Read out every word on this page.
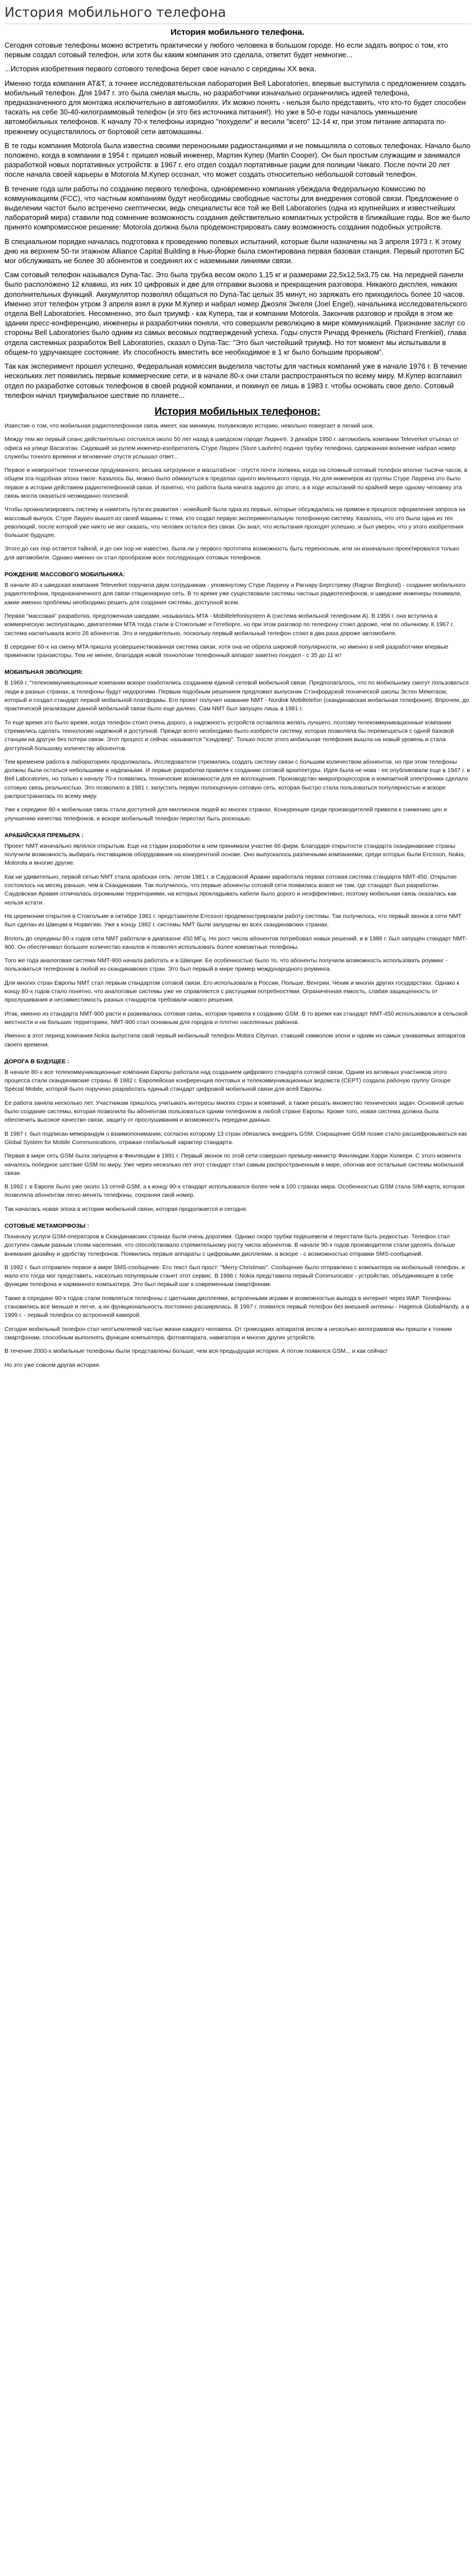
История мобильного телефона
История мобильного телефона.

Сегодня сотовые телефоны можно встретить практически у любого человека в большом городе. Но если задать вопрос о том, кто первым создал сотовый телефон, или хотя бы каким компания это сделала, ответит будет немногие...

...История изобретения первого сотового телефона берет свое начало с середины XX века.

Именно тогда компания AT&T, а точнее исследовательская лаборатория Bell Laboratories, впервые выступила с предложением создать мобильный телефон. Для 1947 г. это была смелая мысль, но разработчики изначально ограничились идеей телефона, предназначенного для монтажа исключительно в автомобилях. Их можно понять - нельзя было представить, что кто-то будет способен таскать на себе 30-40-килограммовый телефон (и это без источника питания!). Но уже в 50-е годы началось уменьшение автомобильных телефонов. К началу 70-х телефоны изрядно "похудели" и весили "всего" 12-14 кг, при этом питание аппарата по-прежнему осуществлялось от бортовой сети автомашины.

В те годы компания Motorola была известна своими переносными радиостанциями и не помышляла о сотовых телефонах. Начало было положено, когда в компании в 1954 г. пришел новый инженер, Мартин Купер (Martin Cooper). Он был простым служащим и занимался разработкой новых портативных устройств: в 1967 г. его отдел создал портативные рации для полиции Чикаго. После почти 20 лет после начала своей карьеры в Motorola М.Купер осознал, что может создать относительно небольшой сотовый телефон.

В течение года шли работы по созданию первого телефона, одновременно компания убеждала Федеральную Комиссию по коммуникациям (FCC), что частным компаниям будут необходимы свободные частоты для внедрения сотовой связи. Предложение о выделении частот было встречено скептически, ведь специалисты все той же Bell Laboratories (одна из крупнейших и известнейших лабораторий мира) ставили под сомнение возможность создания действительно компактных устройств в ближайшие годы. Все же было принято компромиссное решение: Motorola должна была продемонстрировать саму возможность создания подобных устройств.

В специальном порядке началась подготовка к проведению полевых испытаний, которые были назначены на 3 апреля 1973 г. К этому дню на верхнем 50-ти этажном Alliance Capital Building в Нью-Йорке была смонтирована первая базовая станция. Первый прототип БС мог обслуживать не более 30 абонентов и соединял их с наземными линиями связи.

Сам сотовый телефон назывался Dyna-Tac. Это была трубка весом около 1,15 кг и размерами 22,5х12,5х3,75 см. На передней панели было расположено 12 клавиш, из них 10 цифровых и две для отправки вызова и прекращения разговора. Никакого дисплея, никаких дополнительных функций. Аккумулятор позволял общаться по Dyna-Tac целых 35 минут, но заряжать его приходилось более 10 часов. Именно этот телефон утром 3 апреля взял в руки М.Купер и набрал номер Джоэля Энгеля (Joel Engel), начальника исследовательского отдела Bell Laboratories. Несомненно, это был триумф - как Купера, так и компании Motorola. Закончив разговор и пройдя в этом же здании пресс-конференцию, инженеры и разработчики поняли, что совершили революцию в мире коммуникаций. Признание заслуг со стороны Bell Laboratories было одним из самых весомых подтверждений успеха. Годы спустя Ричард Френкель (Richard Frenkiel), глава отдела системных разработок Bell Laboratories, сказал о Dyna-Tac: "Это был чистейший триумф. Но тот момент мы испытывали в общем-то удручающее состояние. Их способность вместить все необходимое в 1 кг было большим прорывом".

Так как эксперимент прошел успешно, Федеральная комиссия выделила частоты для частных компаний уже в начале 1976 г. В течение нескольких лет появились первые коммерческие сети, и в начале 80-х они стали распространяться по всему миру. М.Купер возглавил отдел по разработке сотовых телефонов в своей родной компании, и покинул ее лишь в 1983 г. чтобы основать свое дело. Сотовый телефон начал триумфальное шествие по планете...

История мобильных телефонов:

Известие о том, что мобильная радиотелефонная связь имеет, как минимум, полувековую историю, невольно повергает в легкий шок.

Между тем же первый сеанс действительно состоялся около 50 лет назад в шведском городе Лидингё. 3 декабря 1950 г. автомобиль компании Televerket отъехал от офиса на улице Васагатан. Сидевший за рулем инженер-изобретатель Стуре Лаурен (Sture Lauhrén) поднял трубку телефона, сдержанная волнение набрал номер служебы точного времени и мгновение спустя услышал ответ...

Первое и невероятное технически продуманного, весьма хитроумное и масштабное - спустя почти полвека, когда на сложный сотовый телефон вполне тысячи часов, в общем эта подобная эпоха такое. Казалось бы, можно было обмануться в пределах одного маленького города. Но для инженеров из группы Стуре Лаурена это было первое в истории действием радиотелефонной связи. И понятно, что работа была начата задолго до этого, а в ходе испытаний по крайней мере одному человеку эта связь могла оказаться неожиданно полезной.

Чтобы проанализировать систему и наметить пути их развития - новейшей была одна из первых, которые обсуждались на прямом в процессе оформления запроса на массовый выпуск. Стуре Лаурен вышел из своей машины с теми, кто создал первую экспериментальную телефонную систему. Казалось, что это была одна из тех революций, после которой уже никто не мог сказать, что человек остался без связи. Он знал, что испытания проходят успешно, и был уверен, что у этого изобретения большое будущее.

Этого до сих пор остается тайной, и до сих пор не известно, была ли у первого прототипа возможность быть переносным, или он изначально проектировался только для автомобиля. Однако именно он стал прообразом всех последующих сотовых телефонов.

РОЖДЕНИЕ МАССОВОГО МОБИЛЬНИКА:

В начале 40-х шведская компания Televerket поручила двум сотрудникам - упомянутому Стуре Лаурену и Рагнару Бергстрему (Ragnar Berglund) - создание мобильного радиотелефона, предназначенного для связи стационарную сеть. В то время уже существовали системы частных радиотелефонов, и шведские инженеры понимали, какие именно проблемы необходимо решить для создания системы, доступной всем.

Первая "массовая" разработка, предложенная шведами, называлась MTA - Mobiltelefonisystem А (система мобильной телефонии А). В 1956 г. она вступила в коммерческую эксплуатацию, двигателями MTA тогда стали в Стокгольме и Гетеборге, но при этом разговор по телефону стоил дороже, чем по обычному. К 1967 г. система насчитывала всего 26 абонентов. Это и неудивительно, поскольку первый мобильный телефон стоил в два раза дороже автомобиля.

В середине 60-х на смену MTA пришла усовершенствованная система связи, хотя она не обрела широкой популярности, но именно в ней разработчики впервые применили транзисторы. Тем не менее, благодаря новой технологии телефонный аппарат заметно похудел - с 35 до 11 кг!

МОБИЛЬНАЯ ЭВОЛЮЦИЯ:

В 1969 г. "телекоммуникационные компании вскоре озаботились созданием единой сетевой мобильной связи. Предполагалось, что по мобильному смогут пользоваться люди в разных странах, а телефоны будут недорогими. Первым подобным решением предложил выпускник Стэнфордской технической школы Эстен Мекитаом, который и создал стандарт первой мобильной платформы. Его проект получил название NMT - Nordisk Mobiltelefon (скандинавская мобильная телефония). Впрочем, до практической реализации данной мобильной связи было еще далеко. Сам NMT был запущен лишь в 1981 г.

То еще время это было время, когда телефон стоил очень дорого, а надежность устройств оставляла желать лучшего, поэтому телекоммуникационные компании стремились сделать технологию надежной и доступной. Прежде всего необходимо было изобрести систему, которая позволяла бы перемещаться с одной базовой станции на другую без потери связи. Этот процесс и сейчас называется "хэндовер". Только после этого мобильная телефония вышла на новый уровень и стала доступной большому количеству абонентов.

Тем временем работа в лабораториях продолжалась. Исследователи стремились создать систему связи с большим количеством абонентов, но при этом телефоны должны были остаться небольшими и надежными. И первые разработки привели к созданию сотовой архитектуры. Идея была не нова - ее опубликовали еще в 1947 г. в Bell Laboratories, но только к началу 70-х появились технические возможности для ее воплощения. Производство микропроцессоров и компактной электроники сделало сотовую связь реальностью. Это позволило в 1981 г. запустить первую полноценную сотовую сеть, которая быстро стала пользоваться популярностью и вскоре распространилась по всему миру.

Уже к середине 80-х мобильная связь стала доступной для миллионов людей во многих странах. Конкуренция среди производителей привела к снижению цен и улучшению качества телефонов, и вскоре мобильный телефон перестал быть роскошью.

АРАБИЙСКАЯ ПРЕМЬЕРА :

Проект NMT изначально являлся открытым. Еще на стадии разработки в нем принимали участие 66 фирм. Благодаря открытости стандарта скандинавские страны получили возможность выбирать поставщиков оборудования на конкурентной основе. Оно выпускалось различными компаниями, среди которых были Ericsson, Nokia, Motorola и многие другие.

Как ни удивительно, первой сетью NMT стала арабская сеть: летом 1981 г. в Саудовской Аравии заработала первая сотовая система стандарта NMT-450. Открытие состоялось на месяц раньше, чем в Скандинавии. Так получилось, что первые абоненты сотовой сети появились вовсе не там, где стандарт был разработан. Саудовская Аравия отличалась огромными территориями, на которых прокладывать кабели было дорого и неэффективно, поэтому мобильная связь оказалась как нельзя кстати.

На церемонии открытия в Стокгольме в октябре 1981 г. представители Ericsson продемонстрировали работу системы. Так получилось, что первый звонок в сети NMT был сделан из Швеции в Норвегию. Уже к концу 1982 г. системы NMT были запущены во всех скандинавских странах.

Вплоть до середины 80-х годов сети NMT работали в диапазоне 450 МГц. Но рост числа абонентов потребовал новых решений, и в 1986 г. был запущен стандарт NMT-900. Он обеспечивал большее количество каналов и позволял использовать более компактные телефоны.

Того же года аналоговая система NMT-900 начала работать и в Швеции. Ее особенностью было то, что абоненты получили возможность использовать роуминг - пользоваться телефоном в любой из скандинавских стран. Это был первый в мире пример международного роуминга.

Для многих стран Европы NMT стал первым стандартом сотовой связи. Его использовали в России, Польше, Венгрии, Чехии и многих других государствах. Однако к концу 80-х годов стало понятно, что аналоговые системы уже не справляются с растущими потребностями. Ограниченная емкость, слабая защищенность от прослушивания и несовместимость разных стандартов требовали нового решения.

Итак, именно из стандарта NMT-900 расти и развивалась сотовая связь, которая привела к созданию GSM. В то время как стандарт NMT-450 использовался в сельской местности и на больших территориях, NMT-900 стал основным для городов и плотно населенных районов.

Именно в этот период компания Nokia выпустила свой первый мобильный телефон Mobira Cityman, ставший символом эпохи и одним из самых узнаваемых аппаратов своего времени.

ДОРОГА В БУДУЩЕЕ :

В начале 80-х все телекоммуникационные компании Европы работали над созданием цифрового стандарта сотовой связи. Одним из активных участников этого процесса стали скандинавские страны. В 1982 г. Европейская конференция почтовых и телекоммуникационных ведомств (CEPT) создала рабочую группу Groupe Spécial Mobile, которой было поручено разработать единый стандарт цифровой мобильной связи для всей Европы.

Ее работа заняла несколько лет. Участникам пришлось учитывать интересы многих стран и компаний, а также решать множество технических задач. Основной целью было создание системы, которая позволила бы абонентам пользоваться одним телефоном в любой стране Европы. Кроме того, новая система должна была обеспечить высокое качество связи, защиту от прослушивания и возможность передачи данных.

В 1987 г. был подписан меморандум о взаимопонимании, согласно которому 13 стран обязались внедрить GSM. Сокращение GSM позже стало расшифровываться как Global System for Mobile Communications, отражая глобальный характер стандарта.

Первая в мире сеть GSM была запущена в Финляндии в 1991 г. Первый звонок по этой сети совершил премьер-министр Финляндии Харри Холкери. С этого момента началось победное шествие GSM по миру. Уже через несколько лет этот стандарт стал самым распространенным в мире, обогнав все остальные системы мобильной связи.

В 1992 г. в Европе было уже около 13 сетей GSM, а к концу 90-х стандарт использовался более чем в 100 странах мира. Особенностью GSM стала SIM-карта, которая позволяла абонентам легко менять телефоны, сохраняя свой номер.

Так началась новая эпоха в истории мобильной связи, которая продолжается и сегодня.

СОТОВЫЕ МЕТАМОРФОЗЫ :

Поначалу услуги GSM-операторов в Скандинавских странах были очень дорогими. Однако скоро трубки подешевели и перестали быть редкостью. Телефон стал доступен самым разным слоям населения, что способствовало стремительному росту числа абонентов. В начале 90-х годов производители стали уделять больше внимания дизайну и удобству телефонов. Появились первые аппараты с цифровыми дисплеями, а вскоре - с возможностью отправки SMS-сообщений.

В 1992 г. был отправлен первое в мире SMS-сообщение. Его текст был прост: "Merry Christmas". Сообщение было отправлено с компьютера на мобильный телефон, и мало кто тогда мог представить, насколько популярным станет этот сервис. В 1996 г. Nokia представила первый Communicator - устройство, объединяющее в себе функции телефона и карманного компьютера. Это был первый шаг к современным смартфонам.

Также в середине 90-х годов стали появляться телефоны с цветными дисплеями, встроенными играми и возможностью выхода в интернет через WAP. Телефоны становились все меньше и легче, а их функциональность постоянно расширялась. В 1997 г. появился первый телефон без внешней антенны - Hagenuk GlobalHandy, а в 1999 г. - первый телефон со встроенной камерой.

Сегодня мобильный телефон стал неотъемлемой частью жизни каждого человека. От громоздких аппаратов весом в несколько килограммов мы пришли к тонким смартфонам, способным выполнять функции компьютера, фотоаппарата, навигатора и многих других устройств.

В течение 2000-х мобильные телефоны были представлены больше, чем вся предыдущая история. А потом появился GSM... и как сейчас!

Но это уже совсем другая история.
